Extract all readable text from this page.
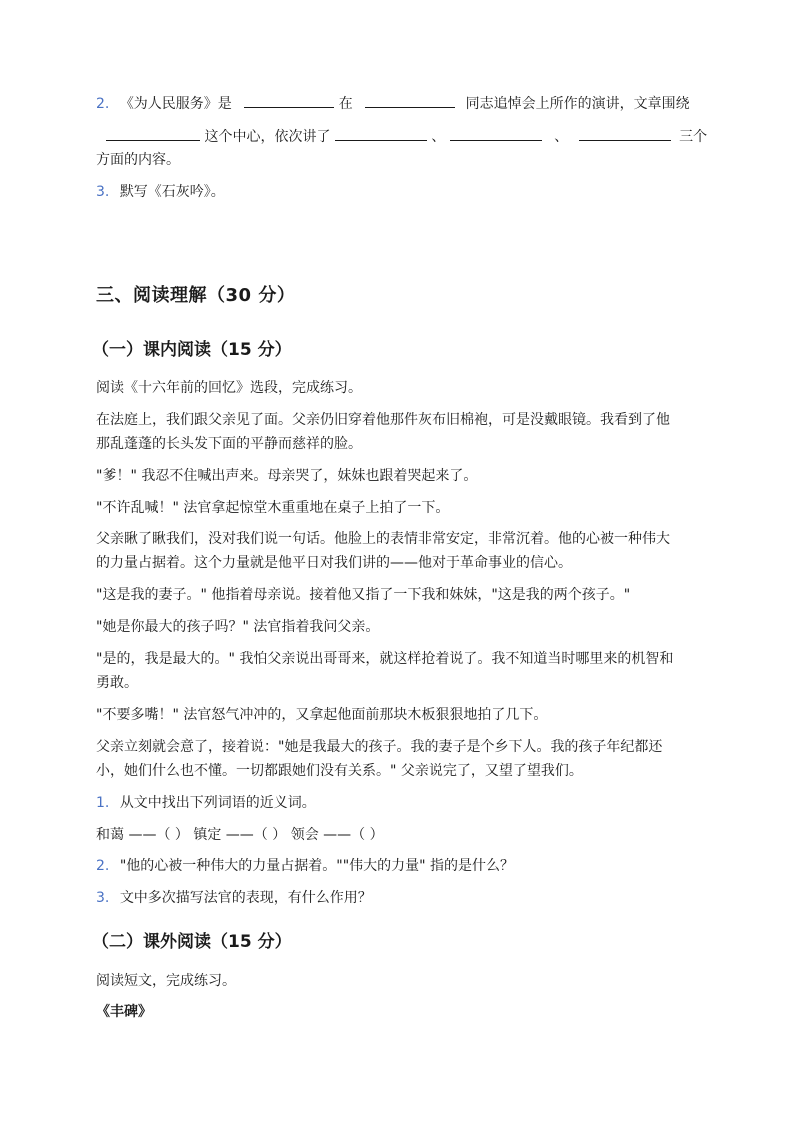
2. 《为人民服务》是	在	同志追悼会上所作的演讲，文章围绕
这个中心，依次讲了	、	、	三个
方面的内容。
3. 默写《石灰吟》。
三、阅读理解（30 分）
（一）课内阅读（15 分）
阅读《十六年前的回忆》选段，完成练习。
在法庭上，我们跟父亲见了面。父亲仍旧穿着他那件灰布旧棉袍，可是没戴眼镜。我看到了他
那乱蓬蓬的长头发下面的平静而慈祥的脸。
"爹！" 我忍不住喊出声来。母亲哭了，妹妹也跟着哭起来了。
"不许乱喊！" 法官拿起惊堂木重重地在桌子上拍了一下。
父亲瞅了瞅我们，没对我们说一句话。他脸上的表情非常安定，非常沉着。他的心被一种伟大
的力量占据着。这个力量就是他平日对我们讲的——他对于革命事业的信心。
"这是我的妻子。" 他指着母亲说。接着他又指了一下我和妹妹，"这是我的两个孩子。"
"她是你最大的孩子吗？" 法官指着我问父亲。
"是的，我是最大的。" 我怕父亲说出哥哥来，就这样抢着说了。我不知道当时哪里来的机智和
勇敢。
"不要多嘴！" 法官怒气冲冲的，又拿起他面前那块木板狠狠地拍了几下。
父亲立刻就会意了，接着说："她是我最大的孩子。我的妻子是个乡下人。我的孩子年纪都还
小，她们什么也不懂。一切都跟她们没有关系。" 父亲说完了，又望了望我们。
1. 从文中找出下列词语的近义词。
和蔼 ——（ ） 镇定 ——（ ） 领会 ——（ ）
2. "他的心被一种伟大的力量占据着。""伟大的力量" 指的是什么？
3. 文中多次描写法官的表现，有什么作用？
（二）课外阅读（15 分）
阅读短文，完成练习。
《丰碑》
